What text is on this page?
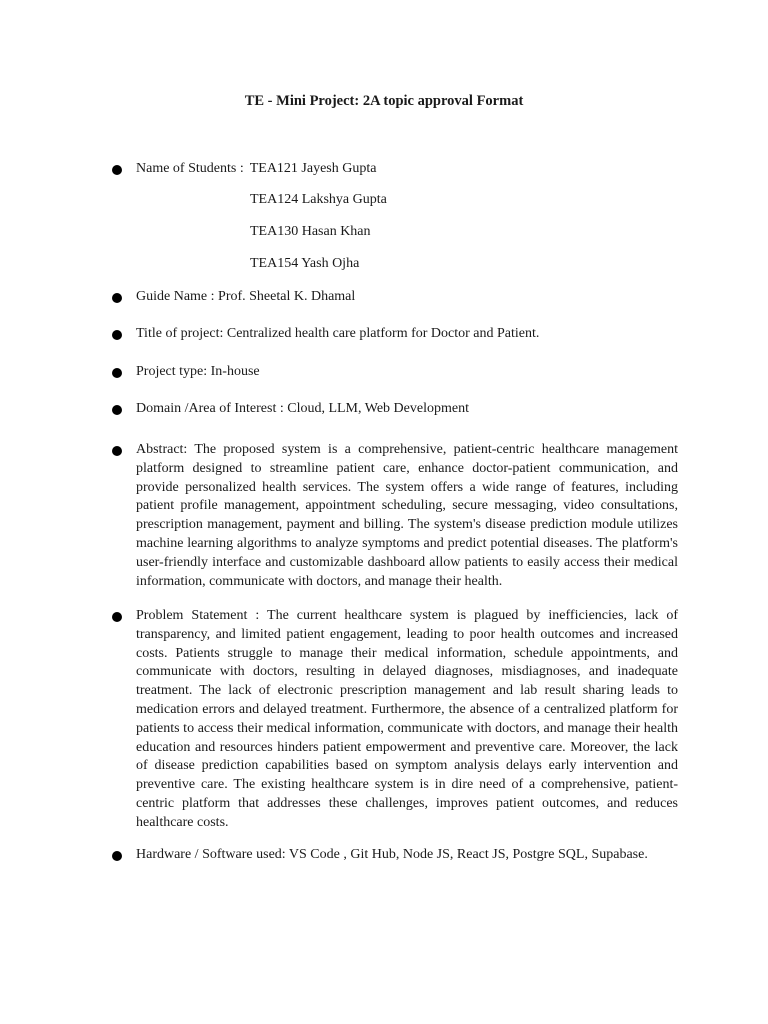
TE - Mini Project: 2A topic approval Format
Name of Students : TEA121 Jayesh Gupta
TEA124 Lakshya Gupta
TEA130 Hasan Khan
TEA154 Yash Ojha
Guide Name : Prof. Sheetal K. Dhamal
Title of project: Centralized health care platform for Doctor and Patient.
Project type: In-house
Domain /Area of Interest : Cloud, LLM, Web Development
Abstract: The proposed system is a comprehensive, patient-centric healthcare management platform designed to streamline patient care, enhance doctor-patient communication, and provide personalized health services. The system offers a wide range of features, including patient profile management, appointment scheduling, secure messaging, video consultations, prescription management, payment and billing. The system's disease prediction module utilizes machine learning algorithms to analyze symptoms and predict potential diseases. The platform's user-friendly interface and customizable dashboard allow patients to easily access their medical information, communicate with doctors, and manage their health.
Problem Statement : The current healthcare system is plagued by inefficiencies, lack of transparency, and limited patient engagement, leading to poor health outcomes and increased costs. Patients struggle to manage their medical information, schedule appointments, and communicate with doctors, resulting in delayed diagnoses, misdiagnoses, and inadequate treatment. The lack of electronic prescription management and lab result sharing leads to medication errors and delayed treatment. Furthermore, the absence of a centralized platform for patients to access their medical information, communicate with doctors, and manage their health education and resources hinders patient empowerment and preventive care. Moreover, the lack of disease prediction capabilities based on symptom analysis delays early intervention and preventive care. The existing healthcare system is in dire need of a comprehensive, patient-centric platform that addresses these challenges, improves patient outcomes, and reduces healthcare costs.
Hardware / Software used: VS Code , Git Hub, Node JS, React JS, Postgre SQL, Supabase.
